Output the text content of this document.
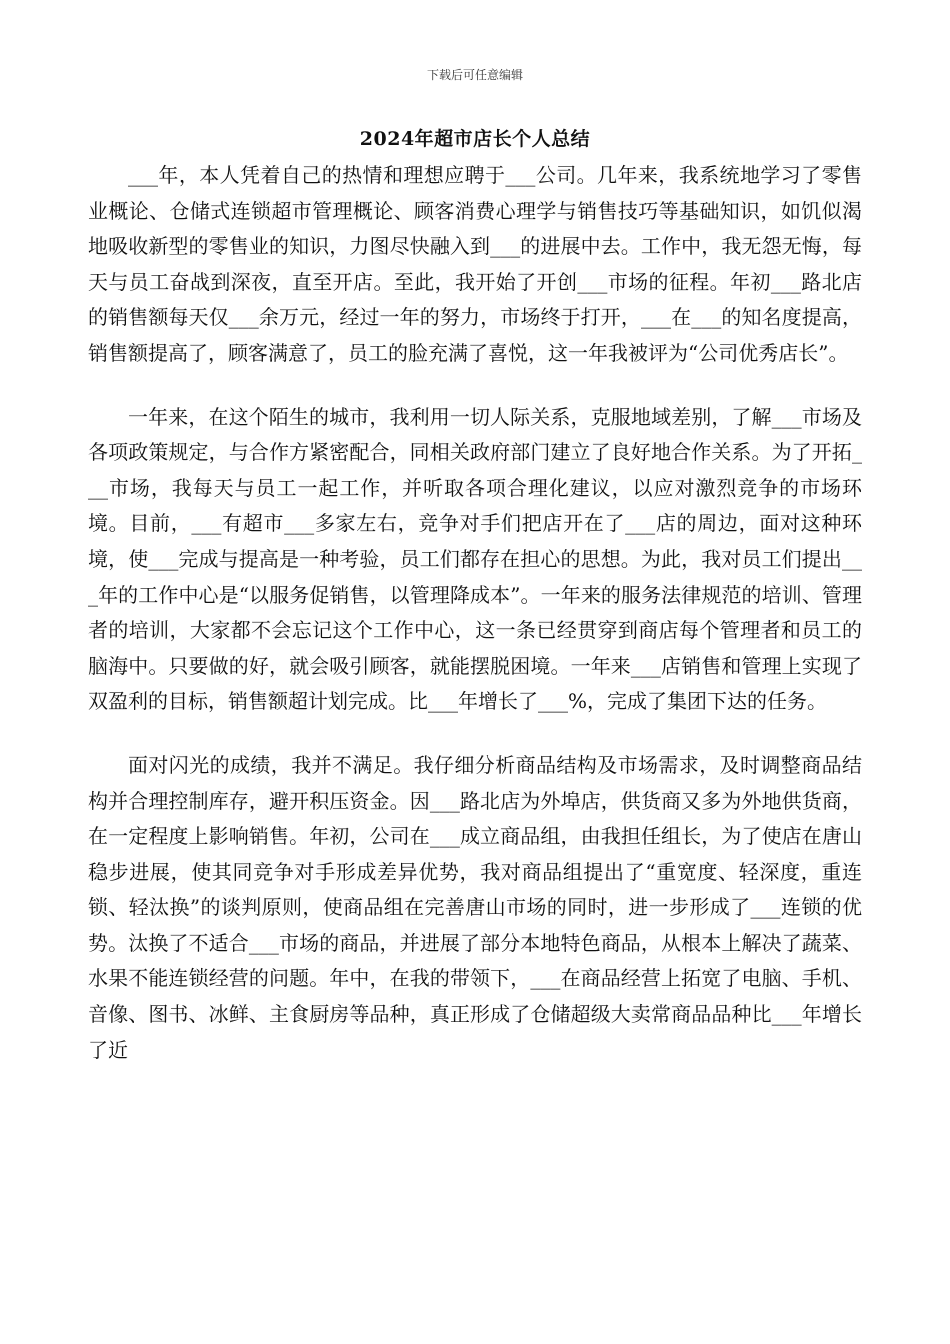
下载后可任意编辑
2024年超市店长个人总结

___年，本人凭着自己的热情和理想应聘于___公司。几年来，我系统地学习了零售业概论、仓储式连锁超市管理概论、顾客消费心理学与销售技巧等基础知识，如饥似渴地吸收新型的零售业的知识，力图尽快融入到___的进展中去。工作中，我无怨无悔，每天与员工奋战到深夜，直至开店。至此，我开始了开创___市场的征程。年初___路北店的销售额每天仅___余万元，经过一年的努力，市场终于打开，___在___的知名度提高，销售额提高了，顾客满意了，员工的脸充满了喜悦，这一年我被评为“公司优秀店长”。

一年来，在这个陌生的城市，我利用一切人际关系，克服地域差别，了解___市场及各项政策规定，与合作方紧密配合，同相关政府部门建立了良好地合作关系。为了开拓___市场，我每天与员工一起工作，并听取各项合理化建议，以应对激烈竞争的市场环境。目前，___有超市___多家左右，竞争对手们把店开在了___店的周边，面对这种环境，使___完成与提高是一种考验，员工们都存在担心的思想。为此，我对员工们提出___年的工作中心是“以服务促销售，以管理降成本”。一年来的服务法律规范的培训、管理者的培训，大家都不会忘记这个工作中心，这一条已经贯穿到商店每个管理者和员工的脑海中。只要做的好，就会吸引顾客，就能摆脱困境。一年来___店销售和管理上实现了双盈利的目标，销售额超计划完成。比___年增长了___%，完成了集团下达的任务。

面对闪光的成绩，我并不满足。我仔细分析商品结构及市场需求，及时调整商品结构并合理控制库存，避开积压资金。因___路北店为外埠店，供货商又多为外地供货商，在一定程度上影响销售。年初，公司在___成立商品组，由我担任组长，为了使店在唐山稳步进展，使其同竞争对手形成差异优势，我对商品组提出了“重宽度、轻深度，重连锁、轻汰换”的谈判原则，使商品组在完善唐山市场的同时，进一步形成了___连锁的优势。汰换了不适合___市场的商品，并进展了部分本地特色商品，从根本上解决了蔬菜、水果不能连锁经营的问题。年中，在我的带领下，___在商品经营上拓宽了电脑、手机、音像、图书、冰鲜、主食厨房等品种，真正形成了仓储超级大卖常商品品种比___年增长了近
